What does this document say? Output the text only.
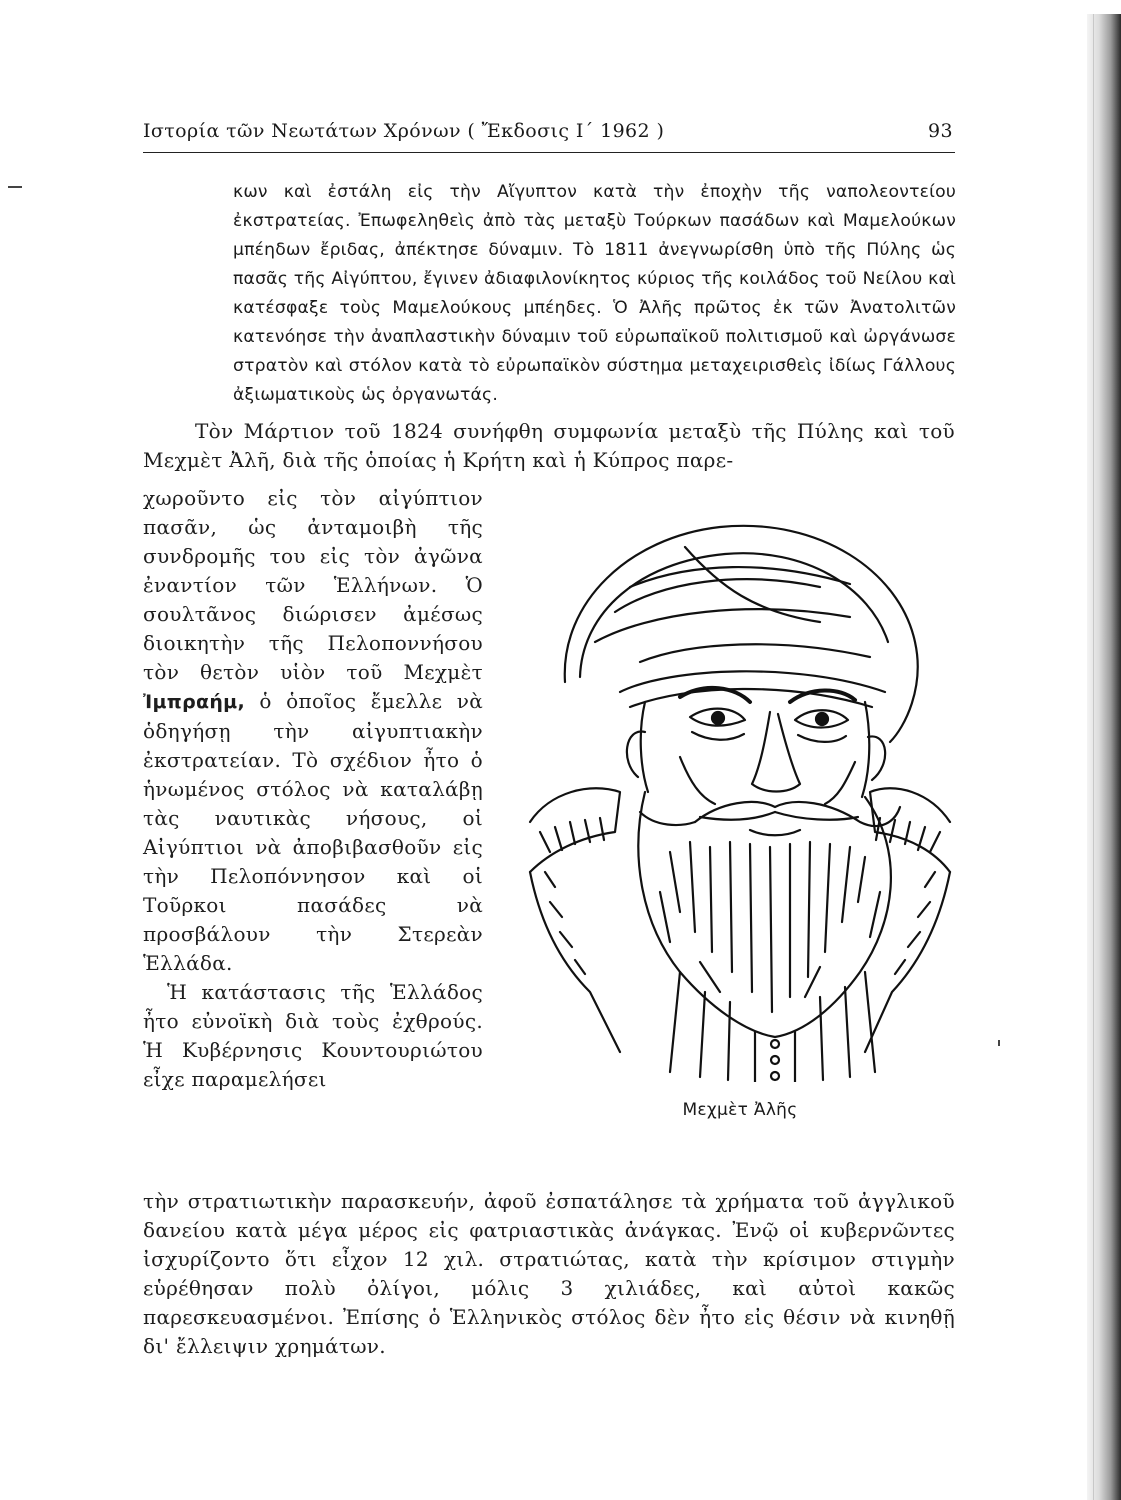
Ιστορία τῶν Νεωτάτων Χρόνων ( Ἔκδοσις Ι΄ 1962 )	93

κων καὶ ἐστάλη εἰς τὴν Αἴγυπτον κατὰ τὴν ἐποχὴν τῆς ναπολεοντείου ἐκστρατείας. Ἐπωφεληθεὶς ἀπὸ τὰς μεταξὺ Τούρκων πασάδων καὶ Μαμελούκων μπέηδων ἔριδας, ἀπέκτησε δύναμιν. Τὸ 1811 ἀνεγνωρίσθη ὑπὸ τῆς Πύλης ὡς πασᾶς τῆς Αἰγύπτου, ἔγινεν ἀδιαφιλονίκητος κύριος τῆς κοιλάδος τοῦ Νείλου καὶ κατέσφαξε τοὺς Μαμελούκους μπέηδες. Ὁ Ἀλῆς πρῶτος ἐκ τῶν Ἀνατολιτῶν κατενόησε τὴν ἀναπλαστικὴν δύναμιν τοῦ εὐρωπαϊκοῦ πολιτισμοῦ καὶ ὠργάνωσε στρατὸν καὶ στόλον κατὰ τὸ εὐρωπαϊκὸν σύστημα μεταχειρισθεὶς ἰδίως Γάλλους ἀξιωματικοὺς ὡς ὀργανωτάς.

Τὸν Μάρτιον τοῦ 1824 συνήφθη συμφωνία μεταξὺ τῆς Πύλης καὶ τοῦ Μεχμὲτ Ἀλῆ, διὰ τῆς ὁποίας ἡ Κρήτη καὶ ἡ Κύπρος παρε-

χωροῦντο εἰς τὸν αἰγύπτιον πασᾶν, ὡς ἀνταμοιβὴ τῆς συνδρομῆς του εἰς τὸν ἀγῶνα ἐναντίον τῶν Ἑλλήνων. Ὁ σουλτᾶνος διώρισεν ἀμέσως διοικητὴν τῆς Πελοποννήσου τὸν θετὸν υἱὸν τοῦ Μεχμὲτ Ἰμπραήμ, ὁ ὁποῖος ἔμελλε νὰ ὁδηγήσῃ τὴν αἰγυπτιακὴν ἐκστρατείαν. Τὸ σχέδιον ἦτο ὁ ἡνωμένος στόλος νὰ καταλάβῃ τὰς ναυτικὰς νήσους, οἱ Αἰγύπτιοι νὰ ἀποβιβασθοῦν εἰς τὴν Πελοπόννησον καὶ οἱ Τοῦρκοι πασάδες νὰ προσβάλουν τὴν Στερεὰν Ἑλλάδα.

Ἡ κατάστασις τῆς Ἑλλάδος ἦτο εὐνοϊκὴ διὰ τοὺς ἐχθρούς. Ἡ Κυβέρνησις Κουντουριώτου εἶχε παραμελήσει

Μεχμὲτ Ἀλῆς

τὴν στρατιωτικὴν παρασκευήν, ἀφοῦ ἐσπατάλησε τὰ χρήματα τοῦ ἀγγλικοῦ δανείου κατὰ μέγα μέρος εἰς φατριαστικὰς ἀνάγκας. Ἐνῷ οἱ κυβερνῶντες ἰσχυρίζοντο ὅτι εἶχον 12 χιλ. στρατιώτας, κατὰ τὴν κρίσιμον στιγμὴν εὑρέθησαν πολὺ ὀλίγοι, μόλις 3 χιλιάδες, καὶ αὐτοὶ κακῶς παρεσκευασμένοι. Ἐπίσης ὁ Ἑλληνικὸς στόλος δὲν ἦτο εἰς θέσιν νὰ κινηθῇ δι' ἔλλειψιν χρημάτων.
